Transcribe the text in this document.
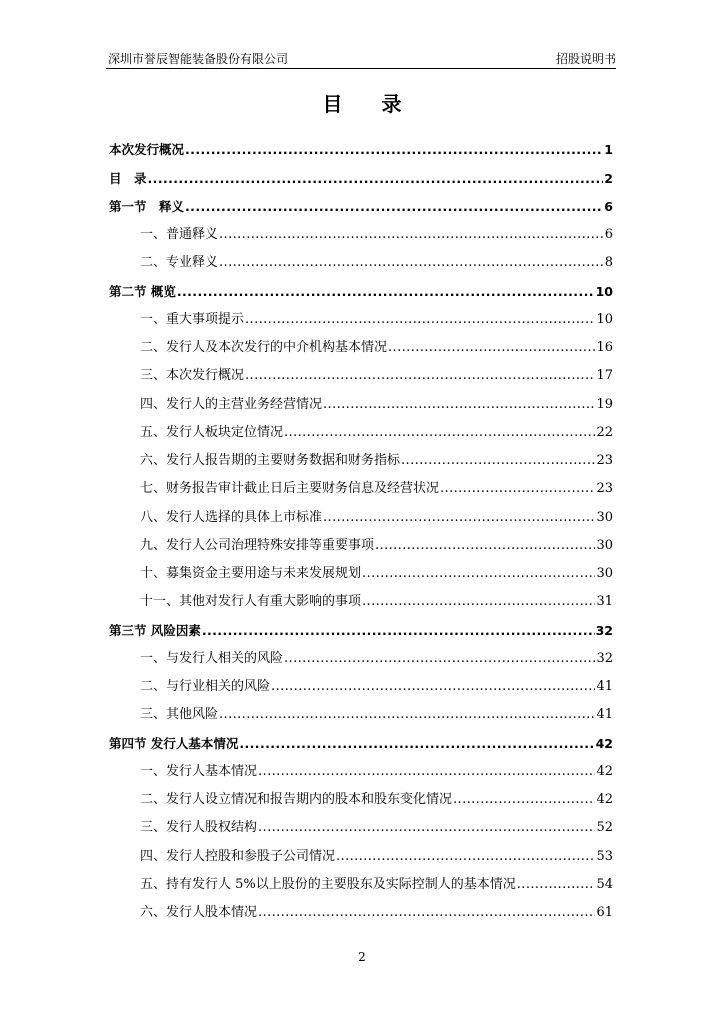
深圳市誉辰智能装备股份有限公司	招股说明书
目 录
本次发行概况 .....	1
目　录 .....	2
第一节　释义 .....	6
一、普通释义 .....	6
二、专业释义 .....	8
第二节 概览 .....	10
一、重大事项提示 .....	10
二、发行人及本次发行的中介机构基本情况 .....	16
三、本次发行概况 .....	17
四、发行人的主营业务经营情况 .....	19
五、发行人板块定位情况 .....	22
六、发行人报告期的主要财务数据和财务指标 .....	23
七、财务报告审计截止日后主要财务信息及经营状况 .....	23
八、发行人选择的具体上市标准 .....	30
九、发行人公司治理特殊安排等重要事项 .....	30
十、募集资金主要用途与未来发展规划 .....	30
十一、其他对发行人有重大影响的事项 .....	31
第三节 风险因素 .....	32
一、与发行人相关的风险 .....	32
二、与行业相关的风险 .....	41
三、其他风险 .....	41
第四节 发行人基本情况 .....	42
一、发行人基本情况 .....	42
二、发行人设立情况和报告期内的股本和股东变化情况 .....	42
三、发行人股权结构 .....	52
四、发行人控股和参股子公司情况 .....	53
五、持有发行人 5%以上股份的主要股东及实际控制人的基本情况 .....	54
六、发行人股本情况 .....	61
2
